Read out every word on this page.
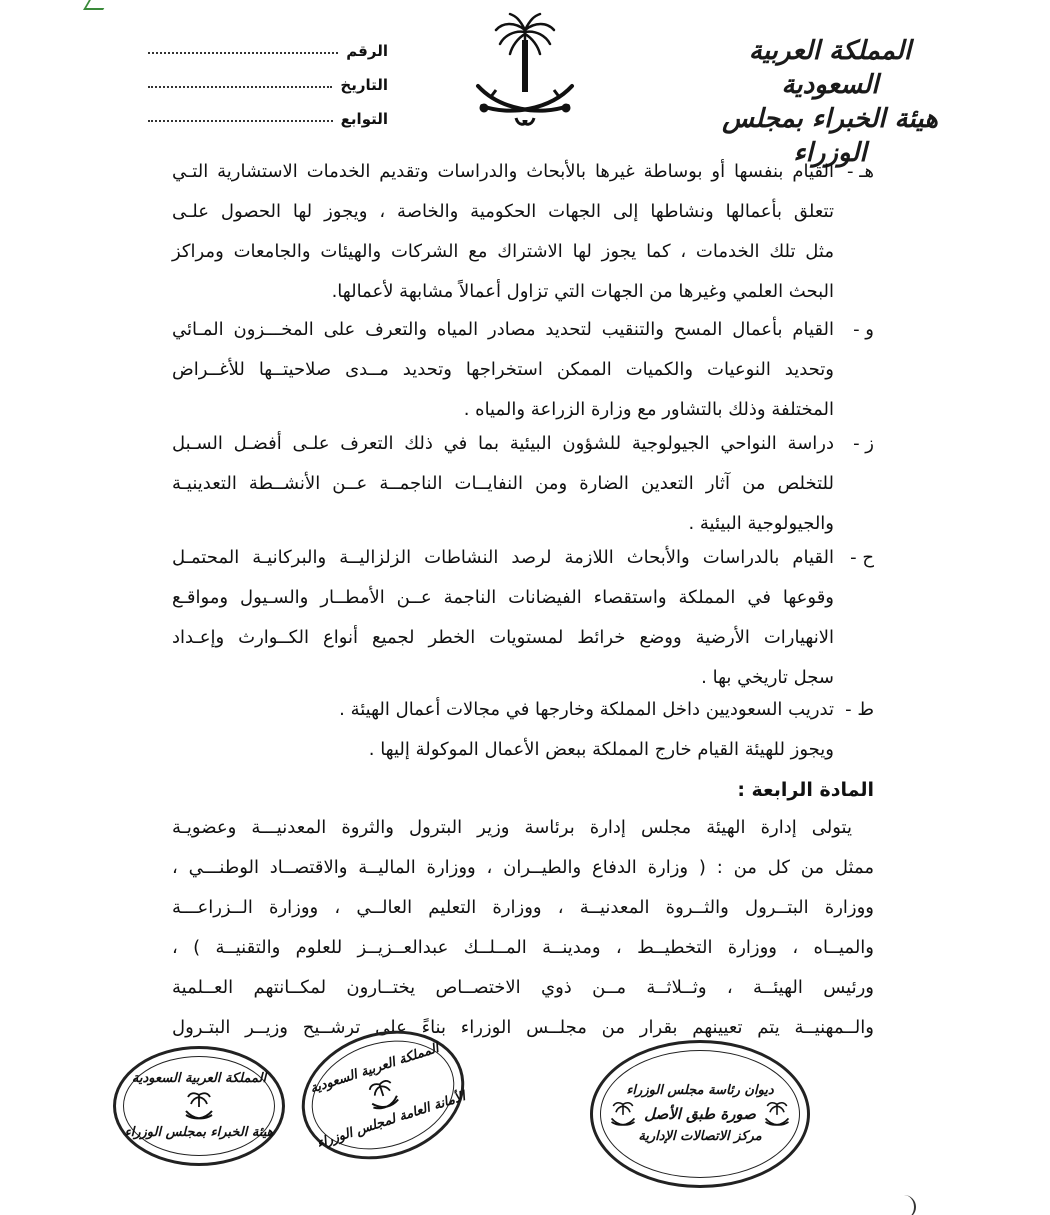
الرقم
التاريخ
التوابع
المملكة العربية السعودية
هيئة الخبراء بمجلس الوزراء
هـ -
القيام بنفسها أو بوساطة غيرها بالأبحاث والدراسات وتقديم الخدمات الاستشارية التـي
تتعلق بأعمالها ونشاطها إلى الجهات الحكومية والخاصة ، ويجوز لها الحصول علـى
مثل تلك الخدمات ، كما يجوز لها الاشتراك مع الشركات والهيئات والجامعات ومراكز
البحث العلمي وغيرها من الجهات التي تزاول أعمالاً مشابهة لأعمالها.
و -
القيام بأعمال المسح والتنقيب لتحديد مصادر المياه والتعرف على المخـــزون المـائي
وتحديد النوعيات والكميات الممكن استخراجها وتحديد مــدى صلاحيتــها للأغــراض
المختلفة وذلك بالتشاور مع وزارة الزراعة والمياه .
ز -
دراسة النواحي الجيولوجية للشؤون البيئية بما في ذلك التعرف علـى أفضـل السـبل
للتخلص من آثار التعدين الضارة ومن النفايــات الناجمــة عــن الأنشــطة التعدينيـة
والجيولوجية البيئية .
ح -
القيام بالدراسات والأبحاث اللازمة لرصد النشاطات الزلزاليــة والبركانيـة المحتمـل
وقوعها في المملكة واستقصاء الفيضانات الناجمة عــن الأمطــار والسـيول ومواقـع
الانهيارات الأرضية ووضع خرائط لمستويات الخطر لجميع أنواع الكــوارث وإعـداد
سجل تاريخي بها .
ط -
تدريب السعوديين داخل المملكة وخارجها في مجالات أعمال الهيئة .
ويجوز للهيئة القيام خارج المملكة ببعض الأعمال الموكولة إليها .
المادة الرابعة :
يتولى إدارة الهيئة مجلس إدارة برئاسة وزير البترول والثروة المعدنيـــة وعضويـة
ممثل من كل من : ( وزارة الدفاع والطيــران ، ووزارة الماليــة والاقتصــاد الوطنـــي ،
ووزارة البتــرول والثــروة المعدنيــة ، ووزارة التعليم العالــي ، ووزارة الــزراعـــة
والميــاه ، ووزارة التخطيــط ، ومدينــة المــلــك عبدالعــزيــز للعلوم والتقنيــة ) ،
ورئيس الهيئــة ، وثــلاثــة مــن ذوي الاختصــاص يختــارون لمكــانتهم العــلمية
والــمهنيــة يتم تعيينهم بقرار من مجلــس الوزراء بناءً على ترشــيح وزيــر البتـرول
المملكة العربية السعودية
هيئة الخبراء بمجلس الوزراء
المملكة العربية السعودية
الأمانة العامة لمجلس الوزراء	ديوان رئاسة مجلس الوزراء
صورة طبق الأصل
مركز الاتصالات الإدارية
